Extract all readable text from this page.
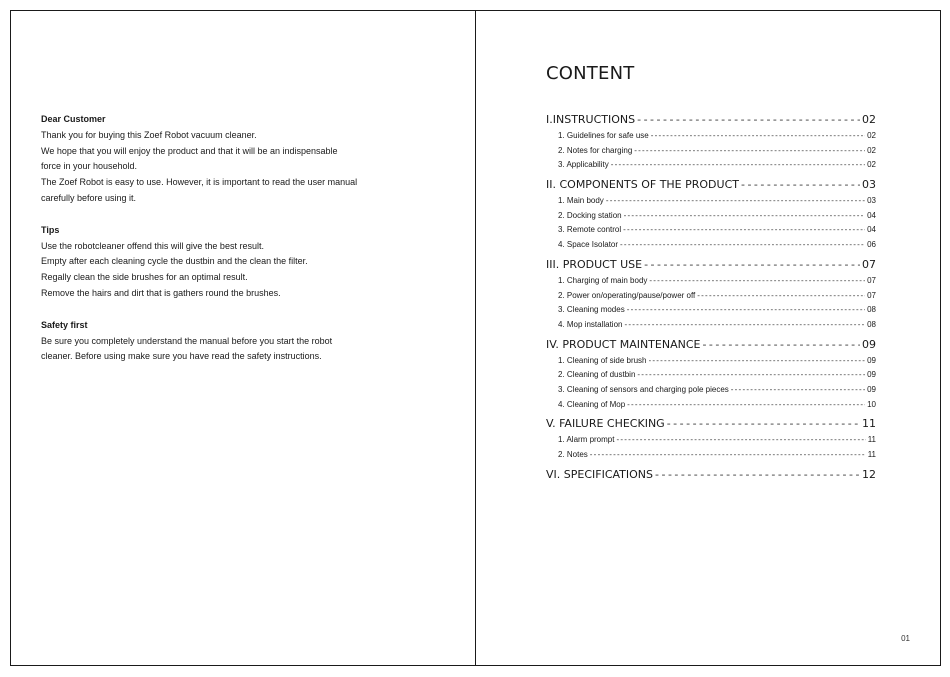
Dear Customer
Thank you for buying this Zoef Robot vacuum cleaner.
We hope that you will enjoy the product and that it will be an indispensable
force in your household.
The Zoef Robot is easy to use. However, it is important to read the user manual
carefully before using it.
Tips
Use the robotcleaner offend this will give the best result.
Empty after each cleaning cycle the dustbin and the clean the filter.
Regally clean the side brushes for an optimal result.
Remove the hairs and dirt that is gathers round the brushes.
Safety first
Be sure you completely understand the manual before you start the robot
cleaner. Before using make sure you have read the safety instructions.
CONTENT
I.INSTRUCTIONS - - -	02
1. Guidelines for safe use - - -	02
2. Notes for charging - - -	02
3. Applicability - - -	02
II. COMPONENTS OF THE PRODUCT - - -	03
1. Main body - - -	03
2. Docking station - - -	04
3. Remote control - - -	04
4. Space Isolator - - -	06
III. PRODUCT USE - - -	07
1. Charging of main body - - -	07
2. Power on/operating/pause/power off - - -	07
3. Cleaning modes - - -	08
4. Mop installation - - -	08
IV. PRODUCT MAINTENANCE - - -	09
1. Cleaning of side brush - - -	09
2. Cleaning of dustbin - - -	09
3. Cleaning of sensors and charging pole pieces - - -	09
4. Cleaning of Mop - - -	10
V. FAILURE CHECKING - - -	11
1. Alarm prompt - - -	11
2. Notes - - -	11
VI. SPECIFICATIONS - - -	12
01
